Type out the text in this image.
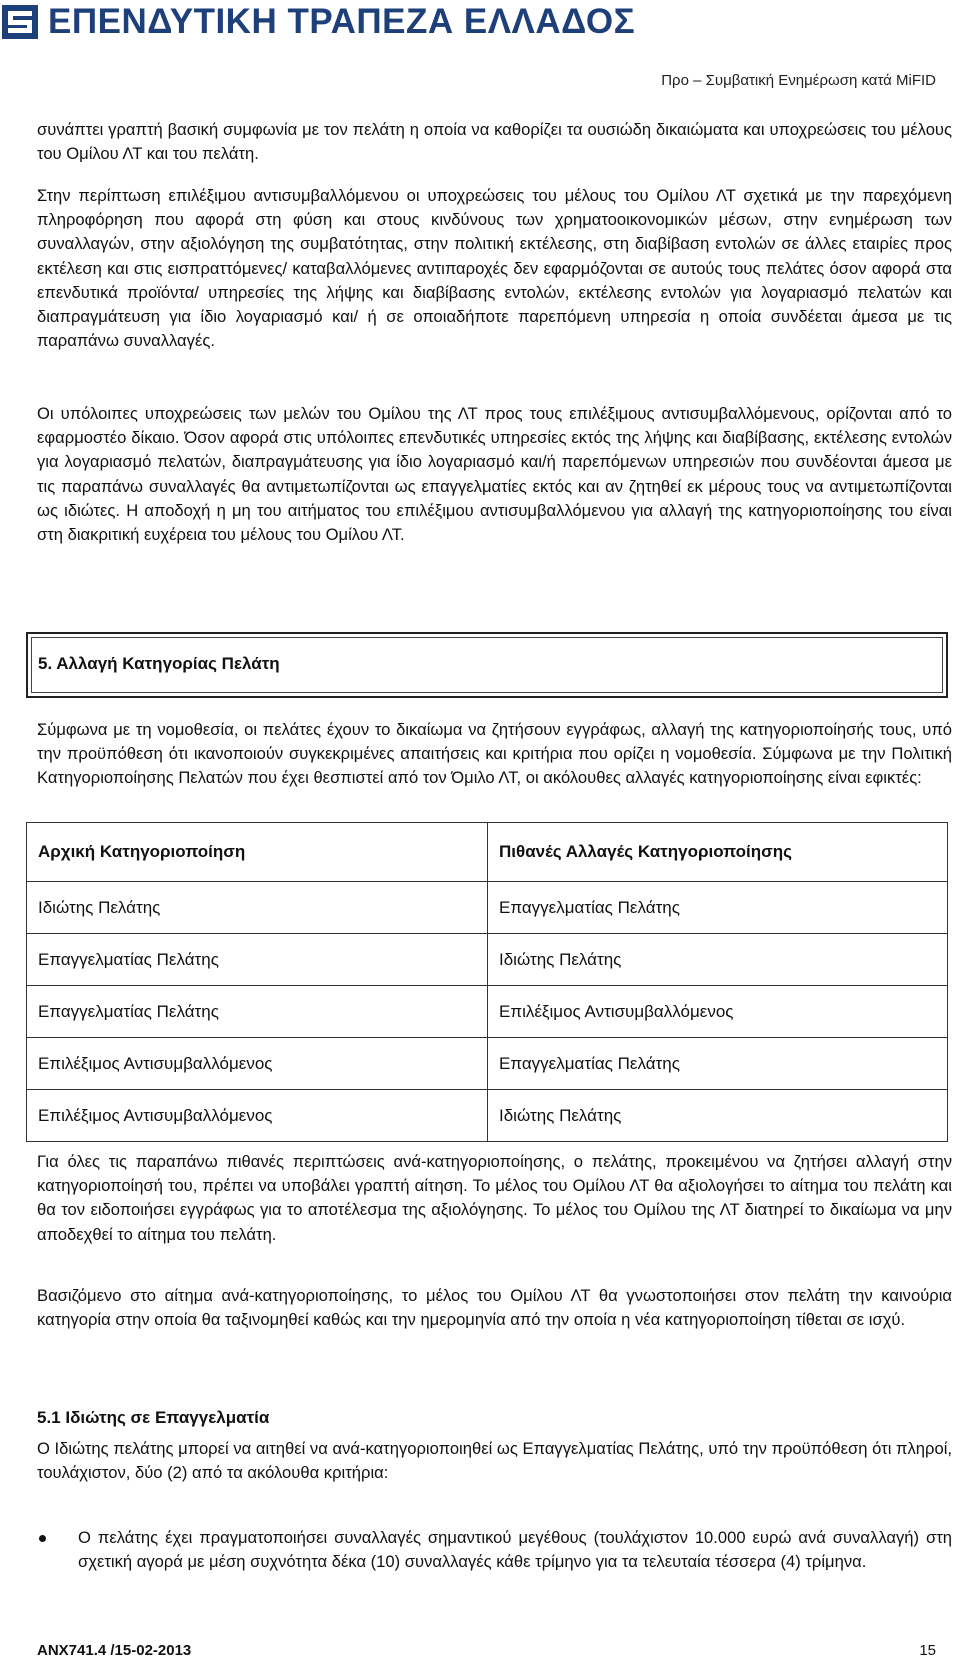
ΕΠΕΝΔΥΤΙΚΗ ΤΡΑΠΕΖΑ ΕΛΛΑΔΟΣ
Προ – Συμβατική Ενημέρωση κατά MiFID

συνάπτει γραπτή βασική συμφωνία με τον πελάτη η οποία να καθορίζει τα ουσιώδη δικαιώματα και υποχρεώσεις του μέλους του Ομίλου ΛΤ και του πελάτη.

Στην περίπτωση επιλέξιμου αντισυμβαλλόμενου οι υποχρεώσεις του μέλους του Ομίλου ΛΤ σχετικά με την παρεχόμενη πληροφόρηση που αφορά στη φύση και στους κινδύνους των χρηματοοικονομικών μέσων, στην ενημέρωση των συναλλαγών, στην αξιολόγηση της συμβατότητας, στην πολιτική εκτέλεσης, στη διαβίβαση εντολών σε άλλες εταιρίες προς εκτέλεση και στις εισπραττόμενες/ καταβαλλόμενες αντιπαροχές δεν εφαρμόζονται σε αυτούς τους πελάτες όσον αφορά στα επενδυτικά προϊόντα/ υπηρεσίες της λήψης και διαβίβασης εντολών, εκτέλεσης εντολών για λογαριασμό πελατών και διαπραγμάτευση για ίδιο λογαριασμό και/ ή σε οποιαδήποτε παρεπόμενη υπηρεσία η οποία συνδέεται άμεσα με τις παραπάνω συναλλαγές.

Οι υπόλοιπες υποχρεώσεις των μελών του Ομίλου της ΛΤ προς τους επιλέξιμους αντισυμβαλλόμενους, ορίζονται από το εφαρμοστέο δίκαιο. Όσον αφορά στις υπόλοιπες επενδυτικές υπηρεσίες εκτός της λήψης και διαβίβασης, εκτέλεσης εντολών για λογαριασμό πελατών, διαπραγμάτευσης για ίδιο λογαριασμό και/ή παρεπόμενων υπηρεσιών που συνδέονται άμεσα με τις παραπάνω συναλλαγές θα αντιμετωπίζονται ως επαγγελματίες εκτός και αν ζητηθεί εκ μέρους τους να αντιμετωπίζονται ως ιδιώτες. Η αποδοχή η μη του αιτήματος του επιλέξιμου αντισυμβαλλόμενου για αλλαγή της κατηγοριοποίησης του είναι στη διακριτική ευχέρεια του μέλους του Ομίλου ΛΤ.

5. Αλλαγή Κατηγορίας Πελάτη

Σύμφωνα με τη νομοθεσία, οι πελάτες έχουν το δικαίωμα να ζητήσουν εγγράφως, αλλαγή της κατηγοριοποίησής τους, υπό την προϋπόθεση ότι ικανοποιούν συγκεκριμένες απαιτήσεις και κριτήρια που ορίζει η νομοθεσία. Σύμφωνα με την Πολιτική Κατηγοριοποίησης Πελατών που έχει θεσπιστεί από τον Όμιλο ΛΤ, οι ακόλουθες αλλαγές κατηγοριοποίησης είναι εφικτές:

Αρχική Κατηγοριοποίηση	Πιθανές Αλλαγές Κατηγοριοποίησης
Ιδιώτης Πελάτης	Επαγγελματίας Πελάτης
Επαγγελματίας Πελάτης	Ιδιώτης Πελάτης
Επαγγελματίας Πελάτης	Επιλέξιμος Αντισυμβαλλόμενος
Επιλέξιμος Αντισυμβαλλόμενος	Επαγγελματίας Πελάτης
Επιλέξιμος Αντισυμβαλλόμενος	Ιδιώτης Πελάτης

Για όλες τις παραπάνω πιθανές περιπτώσεις ανά-κατηγοριοποίησης, ο πελάτης, προκειμένου να ζητήσει αλλαγή στην κατηγοριοποίησή του, πρέπει να υποβάλει γραπτή αίτηση. Το μέλος του Ομίλου ΛΤ θα αξιολογήσει το αίτημα του πελάτη και θα τον ειδοποιήσει εγγράφως για το αποτέλεσμα της αξιολόγησης. Το μέλος του Ομίλου της ΛΤ διατηρεί το δικαίωμα να μην αποδεχθεί το αίτημα του πελάτη.

Βασιζόμενο στο αίτημα ανά-κατηγοριοποίησης, το μέλος του Ομίλου ΛΤ θα γνωστοποιήσει στον πελάτη την καινούρια κατηγορία στην οποία θα ταξινομηθεί καθώς και την ημερομηνία από την οποία η νέα κατηγοριοποίηση τίθεται σε ισχύ.

5.1 Ιδιώτης σε Επαγγελματία

Ο Ιδιώτης πελάτης μπορεί να αιτηθεί να ανά-κατηγοριοποιηθεί ως Επαγγελματίας Πελάτης, υπό την προϋπόθεση ότι πληροί, τουλάχιστον, δύο (2) από τα ακόλουθα κριτήρια:

Ο πελάτης έχει πραγματοποιήσει συναλλαγές σημαντικού μεγέθους (τουλάχιστον 10.000 ευρώ ανά συναλλαγή) στη σχετική αγορά με μέση συχνότητα δέκα (10) συναλλαγές κάθε τρίμηνο για τα τελευταία τέσσερα (4) τρίμηνα.

ANX741.4 /15-02-2013	15
